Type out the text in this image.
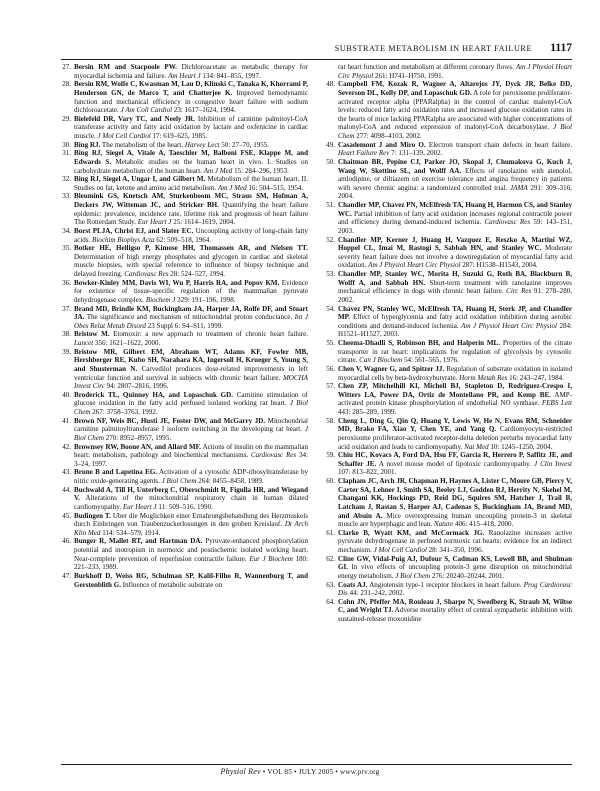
SUBSTRATE METABOLISM IN HEART FAILURE 1117
27. Bersin RM and Stacpoole PW. Dichloroacetate as metabolic therapy for myocardial ischemia and failure. Am Heart J 134: 841–855, 1997.
28. Bersin RM, Wolfe C, Kwasman M, Lau D, Klinski C, Tanaka K, Khorrami P, Henderson GN, de Marco T, and Chatterjee K. Improved hemodynamic function and mechanical efficiency in congestive heart failure with sodium dichloroacetate. J Am Coll Cardiol 23: 1617–1624, 1994.
29. Bielefeld DR, Vary TC, and Neely JR. Inhibition of carnitine palmitoyl-CoA transferase activity and fatty acid oxidation by lactate and oxfenicine in cardiac muscle. J Mol Cell Cardiol 17: 619–625, 1985.
30. Bing RJ. The metabolism of the heart. Harvey Lect 50: 27–70, 1955.
31. Bing RJ, Siegel A, Vitale A, Taeschler M, Balboni FSE, Klappe M, and Edwards S. Metabolic studies on the human heart in vivo. I. Studies on carbohydrate metabolism of the human heart. Am J Med 15: 284–296, 1953.
32. Bing RJ, Siegel A, Ungar I, and Gilbert M. Metabolism of the human heart. II. Studies on fat, ketone and amino acid metabolism. Am J Med 16: 504–515, 1954.
33. Bleumink GS, Knetsch AM, Sturkenboom MC, Straus SM, Hofman A, Deckers JW, Witteman JC, and Stricker BH. Quantifying the heart failure epidemic: prevalence, incidence rate, lifetime risk and prognosis of heart failure The Rotterdam Study. Eur Heart J 25: 1614–1619, 2004.
34. Borst PLJA, Christ EJ, and Slater EC. Uncoupling activity of long-chain fatty acids. Biochim Biophys Acta 62: 509–518, 1964.
35. Botker HE, Helligso P, Kimose HH, Thomassen AR, and Nielsen TT. Determination of high energy phosphates and glycogen in cardiac and skeletal muscle biopsies, with special reference to influence of biopsy technique and delayed freezing. Cardiovasc Res 28: 524–527, 1994.
36. Bowker-Kinley MM, Davis WI, Wu P, Harris RA, and Popov KM. Evidence for existence of tissue-specific regulation of the mammalian pyruvate dehydrogenase complex. Biochem J 329: 191–196, 1998.
37. Brand MD, Brindle KM, Buckingham JA, Harper JA, Rolfe DF, and Stuart JA. The significance and mechanism of mitochondrial proton conductance. Int J Obes Relat Metab Disord 23 Suppl 6: S4–S11, 1999.
38. Bristow M. Etomoxir: a new approach to treatment of chronic heart failure. Lancet 356: 1621–1622, 2000.
39. Bristow MR, Gilbert EM, Abraham WT, Adams KF, Fowler MB, Hershberger RE, Kubo SH, Narahara KA, Ingersoll H, Krueger S, Young S, and Shusterman N. Carvedilol produces dose-related improvements in left ventricular function and survival in subjects with chronic heart failure. MOCHA Invest Circ 94: 2807–2816, 1996.
40. Broderick TL, Quinney HA, and Lopaschuk GD. Carnitine stimulation of glucose oxidation in the fatty acid perfused isolated working rat heart. J Biol Chem 267: 3758–3763, 1992.
41. Brown NF, Weis BC, Husti JE, Foster DW, and McGarry JD. Mitochondrial carnitine palmitoyltransferase I isoform switching in the developing rat heart. J Biol Chem 270: 8952–8957, 1995.
42. Brownsey RW, Boone AN, and Allard MF. Actions of insulin on the mammalian heart: metabolism, pathology and biochemical mechanisms. Cardiovasc Res 34: 3–24, 1997.
43. Brune B and Lapetina EG. Activation of a cytosolic ADP-ribosyltransferase by nitric oxide-generating agents. J Biol Chem 264: 8455–8458, 1989.
44. Buchwald A, Till H, Unterberg C, Oberschmidt R, Figulla HR, and Wiegand V. Alterations of the mitochondrial respiratory chain in human dilated cardiomyopathy. Eur Heart J 11: 509–516, 1990.
45. Budingen T. Uber die Moglichkeit einer Ernahrungsbehandlung des Herzmuskels durch Einbringen von Traubenzuckerlosungen in den groben Kreislauf. Dt Arch Klin Med 114: 534–579, 1914.
46. Bunger R, Mallet RT, and Hartman DA. Pyruvate-enhanced phosphorylation potential and inotropism in normoxic and postischemic isolated working heart. Near-complete prevention of reperfusion contractile failure. Eur J Biochem 180: 221–233, 1989.
47. Burkhoff D, Weiss RG, Schulman SP, Kalil-Filho R, Wannenburg T, and Gerstenblith G. Influence of metabolic substrate on
rat heart function and metabolism at different coronary flows. Am J Physiol Heart Circ Physiol 261: H741–H750, 1991.
48. Campbell FM, Kozak R, Wagner A, Altarejos JY, Dyck JR, Belke DD, Severson DL, Kelly DP, and Lopaschuk GD. A role for peroxisome proliferator-activated receptor alpha (PPARalpha) in the control of cardiac malonyl-CoA levels: reduced fatty acid oxidation rates and increased glucose oxidation rates in the hearts of mice lacking PPARalpha are associated with higher concentrations of malonyl-CoA and reduced expression of malonyl-CoA decarboxylase. J Biol Chem 277: 4098–4103, 2002.
49. Casademont J and Miro O. Electron transport chain defects in heart failure. Heart Failure Rev 7: 131–139, 2002.
50. Chaitman BR, Pepine CJ, Parker JO, Skopal J, Chumakova G, Kuch J, Wang W, Skettino SL, and Wolff AA. Effects of ranolazine with atenolol, amlodipine, or diltiazem on exercise tolerance and angina frequency in patients with severe chronic angina: a randomized controlled trial. JAMA 291: 309–316, 2004.
51. Chandler MP, Chavez PN, McElfresh TA, Huang H, Harmon CS, and Stanley WC. Partial inhibition of fatty acid oxidation increases regional contractile power and efficiency during demand-induced ischemia. Cardiovasc Res 59: 143–151, 2003.
52. Chandler MP, Kerner J, Huang H, Vazquez E, Reszko A, Martini WZ, Hoppel CL, Imai M, Rastogi S, Sabbah HN, and Stanley WC. Moderate severity heart failure does not involve a downregulation of myocardial fatty acid oxidation. Am J Physiol Heart Circ Physiol 287: H1538–H1543, 2004.
53. Chandler MP, Stanley WC, Morita H, Suzuki G, Roth BA, Blackburn B, Wolff A, and Sabbah HN. Short-term treatment with ranolazine improves mechanical efficiency in dogs with chronic heart failure. Circ Res 91: 278–280, 2002.
54. Chavez PN, Stanley WC, McElfresh TA, Huang H, Sterk JP, and Chandler MP. Effect of hyperglycemia and fatty acid oxidation inhibition during aerobic conditions and demand-induced ischemia. Am J Physiol Heart Circ Physiol 284: H1521–H1527, 2003.
55. Cheema-Dhadli S, Robinson BH, and Halperin ML. Properties of the citrate transporter in rat heart: implications for regulation of glycolysis by cytosolic citrate. Can J Biochem 54: 561–565, 1976.
56. Chen V, Wagner G, and Spitzer JJ. Regulation of substrate oxidation in isolated myocardial cells by beta-hydroxybutyrate. Horm Metab Res 16: 243–247, 1984.
57. Chen ZP, Mitchelhill KI, Michell BJ, Stapleton D, Rodriguez-Crespo I, Witters LA, Power DA, Ortiz de Montellano PR, and Kemp BE. AMP-activated protein kinase phosphorylation of endothelial NO synthase. FEBS Lett 443: 285–289, 1999.
58. Cheng L, Ding G, Qin Q, Huang Y, Lewis W, He N, Evans RM, Schneider MD, Brako FA, Xiao Y, Chen YE, and Yang Q. Cardiomyocyte-restricted peroxisome proliferator-activated receptor-delta deletion perturbs myocardial fatty acid oxidation and leads to cardiomyopathy. Nat Med 10: 1245–1250, 2004.
59. Chiu HC, Kovacs A, Ford DA, Hsu FF, Garcia R, Herrero P, Saffitz JE, and Schaffer JE. A novel mouse model of lipotoxic cardiomyopathy. J Clin Invest 107: 813–822, 2001.
60. Clapham JC, Arch JR, Chapman H, Haynes A, Lister C, Moore GB, Piercy V, Carter SA, Lehner I, Smith SA, Beeley LJ, Godden RJ, Herrity N, Skehel M, Changani KK, Hockings PD, Reid DG, Squires SM, Hatcher J, Trail B, Latcham J, Rastan S, Harper AJ, Cadenas S, Buckingham JA, Brand MD, and Abuin A. Mice overexpressing human uncoupling protein-3 in skeletal muscle are hyperphagic and lean. Nature 406: 415–418, 2000.
61. Clarke B, Wyatt KM, and McCormack JG. Ranolazine increases active pyruvate dehydrogenase in perfused normoxic rat hearts: evidence for an indirect mechanism. J Mol Cell Cardiol 28: 341–350, 1996.
62. Cline GW, Vidal-Puig AJ, Dufour S, Cadman KS, Lowell BB, and Shulman GI. In vivo effects of uncoupling protein-3 gene disruption on mitochondrial energy metabolism. J Biol Chem 276: 20240–20244, 2001.
63. Coats AJ. Angiotensin type-1 receptor blockers in heart failure. Prog Cardiovasc Dis 44: 231–242, 2002.
64. Cohn JN, Pfeffer MA, Rouleau J, Sharpe N, Swedberg K, Straub M, Wiltse C, and Wright TJ. Adverse mortality effect of central sympathetic inhibition with sustained-release moxonidine
Physiol Rev • VOL 85 • JULY 2005 • www.prv.org
